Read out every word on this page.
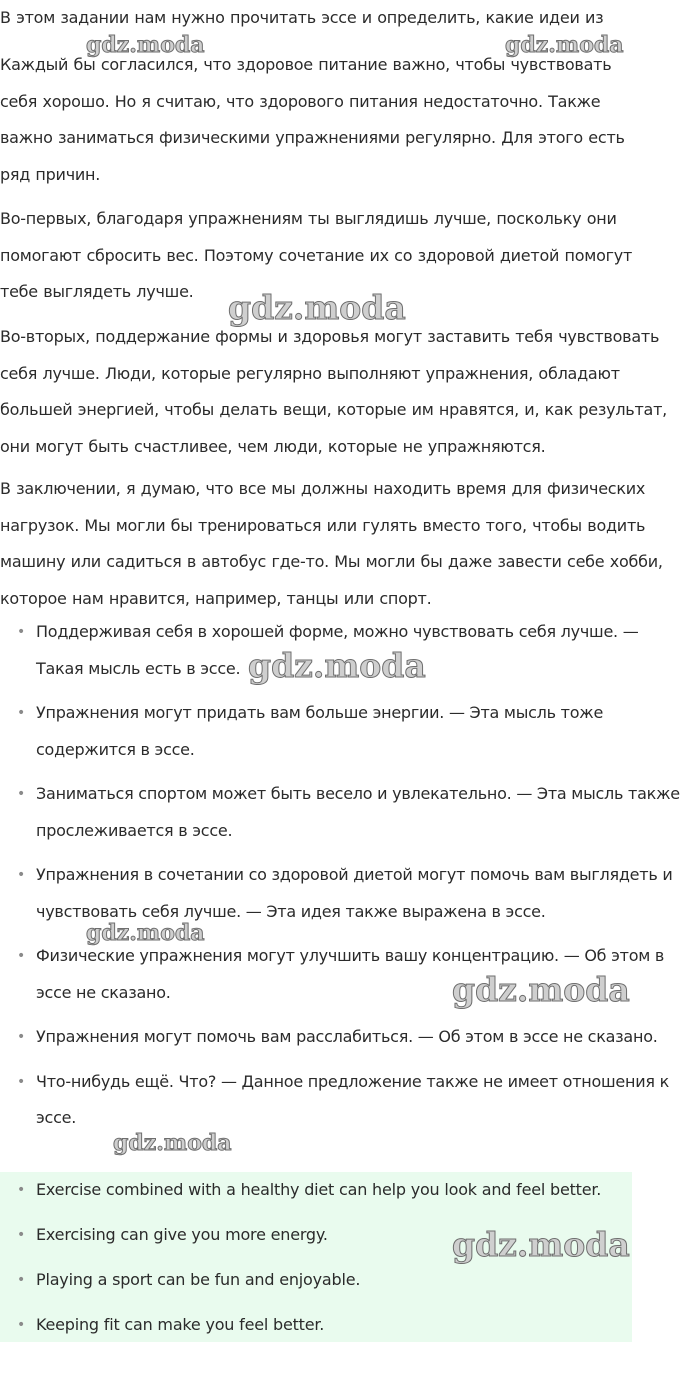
В этом задании нам нужно прочитать эссе и определить, какие идеи из

Каждый бы согласился, что здоровое питание важно, чтобы чувствовать себя хорошо. Но я считаю, что здорового питания недостаточно. Также важно заниматься физическими упражнениями регулярно. Для этого есть ряд причин.

Во-первых, благодаря упражнениям ты выглядишь лучше, поскольку они помогают сбросить вес. Поэтому сочетание их со здоровой диетой помогут тебе выглядеть лучше.

Во-вторых, поддержание формы и здоровья могут заставить тебя чувствовать себя лучше. Люди, которые регулярно выполняют упражнения, обладают большей энергией, чтобы делать вещи, которые им нравятся, и, как результат, они могут быть счастливее, чем люди, которые не упражняются.

В заключении, я думаю, что все мы должны находить время для физических нагрузок. Мы могли бы тренироваться или гулять вместо того, чтобы водить машину или садиться в автобус где-то. Мы могли бы даже завести себе хобби, которое нам нравится, например, танцы или спорт.

• Поддерживая себя в хорошей форме, можно чувствовать себя лучше. — Такая мысль есть в эссе.
• Упражнения могут придать вам больше энергии. — Эта мысль тоже содержится в эссе.
• Заниматься спортом может быть весело и увлекательно. — Эта мысль также прослеживается в эссе.
• Упражнения в сочетании со здоровой диетой могут помочь вам выглядеть и чувствовать себя лучше. — Эта идея также выражена в эссе.
• Физические упражнения могут улучшить вашу концентрацию. — Об этом в эссе не сказано.
• Упражнения могут помочь вам расслабиться. — Об этом в эссе не сказано.
• Что-нибудь ещё. Что? — Данное предложение также не имеет отношения к эссе.
• Exercise combined with a healthy diet can help you look and feel better.
• Exercising can give you more energy.
• Playing a sport can be fun and enjoyable.
• Keeping fit can make you feel better.
gdz.moda	gdz.moda
gdz.moda
gdz.moda
gdz.moda
gdz.moda
gdz.moda
gdz.moda
